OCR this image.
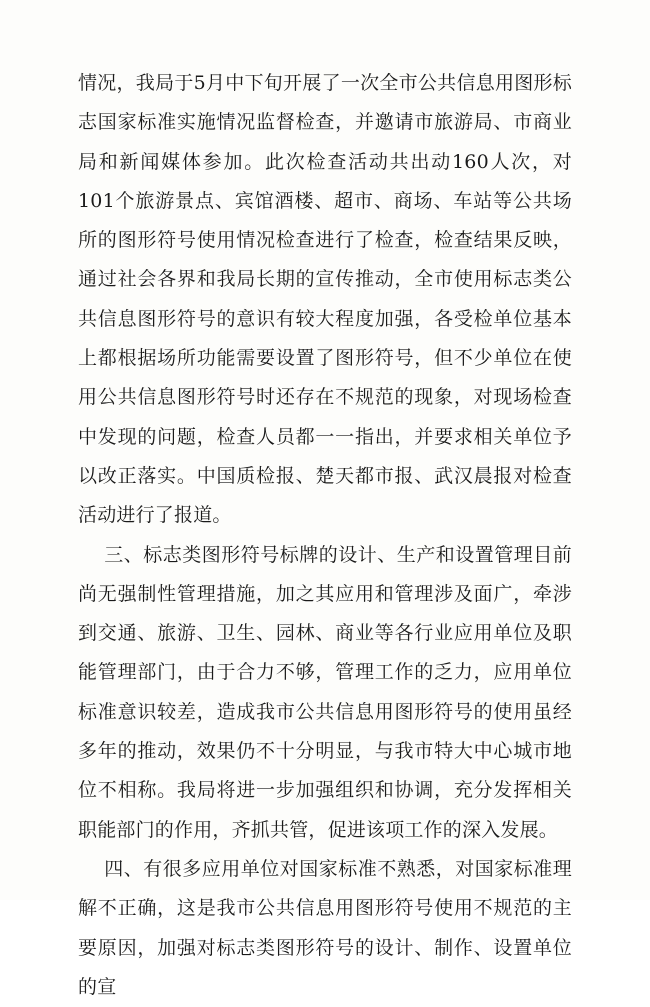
情况，我局于5月中下旬开展了一次全市公共信息用图形标志国家标准实施情况监督检查，并邀请市旅游局、市商业局和新闻媒体参加。此次检查活动共出动160人次，对101个旅游景点、宾馆酒楼、超市、商场、车站等公共场所的图形符号使用情况检查进行了检查，检查结果反映，通过社会各界和我局长期的宣传推动，全市使用标志类公共信息图形符号的意识有较大程度加强，各受检单位基本上都根据场所功能需要设置了图形符号，但不少单位在使用公共信息图形符号时还存在不规范的现象，对现场检查中发现的问题，检查人员都一一指出，并要求相关单位予以改正落实。中国质检报、楚天都市报、武汉晨报对检查活动进行了报道。

三、标志类图形符号标牌的设计、生产和设置管理目前尚无强制性管理措施，加之其应用和管理涉及面广，牵涉到交通、旅游、卫生、园林、商业等各行业应用单位及职能管理部门，由于合力不够，管理工作的乏力，应用单位标准意识较差，造成我市公共信息用图形符号的使用虽经多年的推动，效果仍不十分明显，与我市特大中心城市地位不相称。我局将进一步加强组织和协调，充分发挥相关职能部门的作用，齐抓共管，促进该项工作的深入发展。

四、有很多应用单位对国家标准不熟悉，对国家标准理解不正确，这是我市公共信息用图形符号使用不规范的主要原因，加强对标志类图形符号的设计、制作、设置单位的宣
